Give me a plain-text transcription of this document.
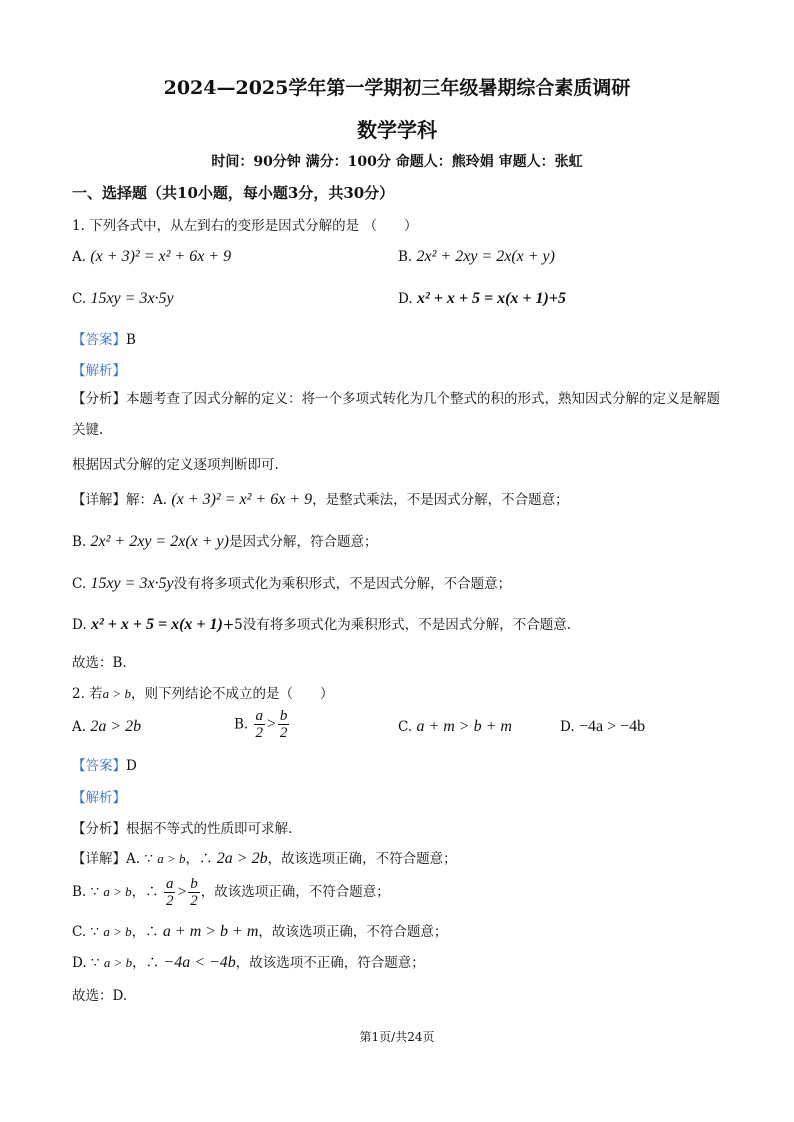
2024—2025学年第一学期初三年级暑期综合素质调研
数学学科
时间：90分钟 满分：100分 命题人：熊玲娟 审题人：张虹
一、选择题（共10小题，每小题3分，共30分）
1. 下列各式中，从左到右的变形是因式分解的是 （　　）
A. (x + 3)² = x² + 6x + 9	B. 2x² + 2xy = 2x(x + y)
C. 15xy = 3x·5y	D. x² + x + 5 = x(x + 1)+5
【答案】B
【解析】
【分析】本题考查了因式分解的定义：将一个多项式转化为几个整式的积的形式，熟知因式分解的定义是解题关键.
根据因式分解的定义逐项判断即可.
【详解】解：A. (x + 3)² = x² + 6x + 9，是整式乘法，不是因式分解，不合题意；
B. 2x² + 2xy = 2x(x + y)是因式分解，符合题意；
C. 15xy = 3x·5y没有将多项式化为乘积形式，不是因式分解，不合题意；
D. x² + x + 5 = x(x + 1)+5没有将多项式化为乘积形式，不是因式分解，不合题意.
故选：B.
2. 若a > b，则下列结论不成立的是（　　）
A. 2a > 2b	B. $\frac{a}{2} > \frac{b}{2}$	C. a + m > b + m	D. −4a > −4b
【答案】D
【解析】
【分析】根据不等式的性质即可求解.
【详解】A. ∵ a > b，∴ 2a > 2b，故该选项正确，不符合题意；
B. ∵ a > b，∴ $\frac{a}{2} > \frac{b}{2}$ ，故该选项正确，不符合题意；
C. ∵ a > b，∴ a + m > b + m，故该选项正确，不符合题意；
D. ∵ a > b，∴ −4a < −4b，故该选项不正确，符合题意；
故选：D.
第1页/共24页
